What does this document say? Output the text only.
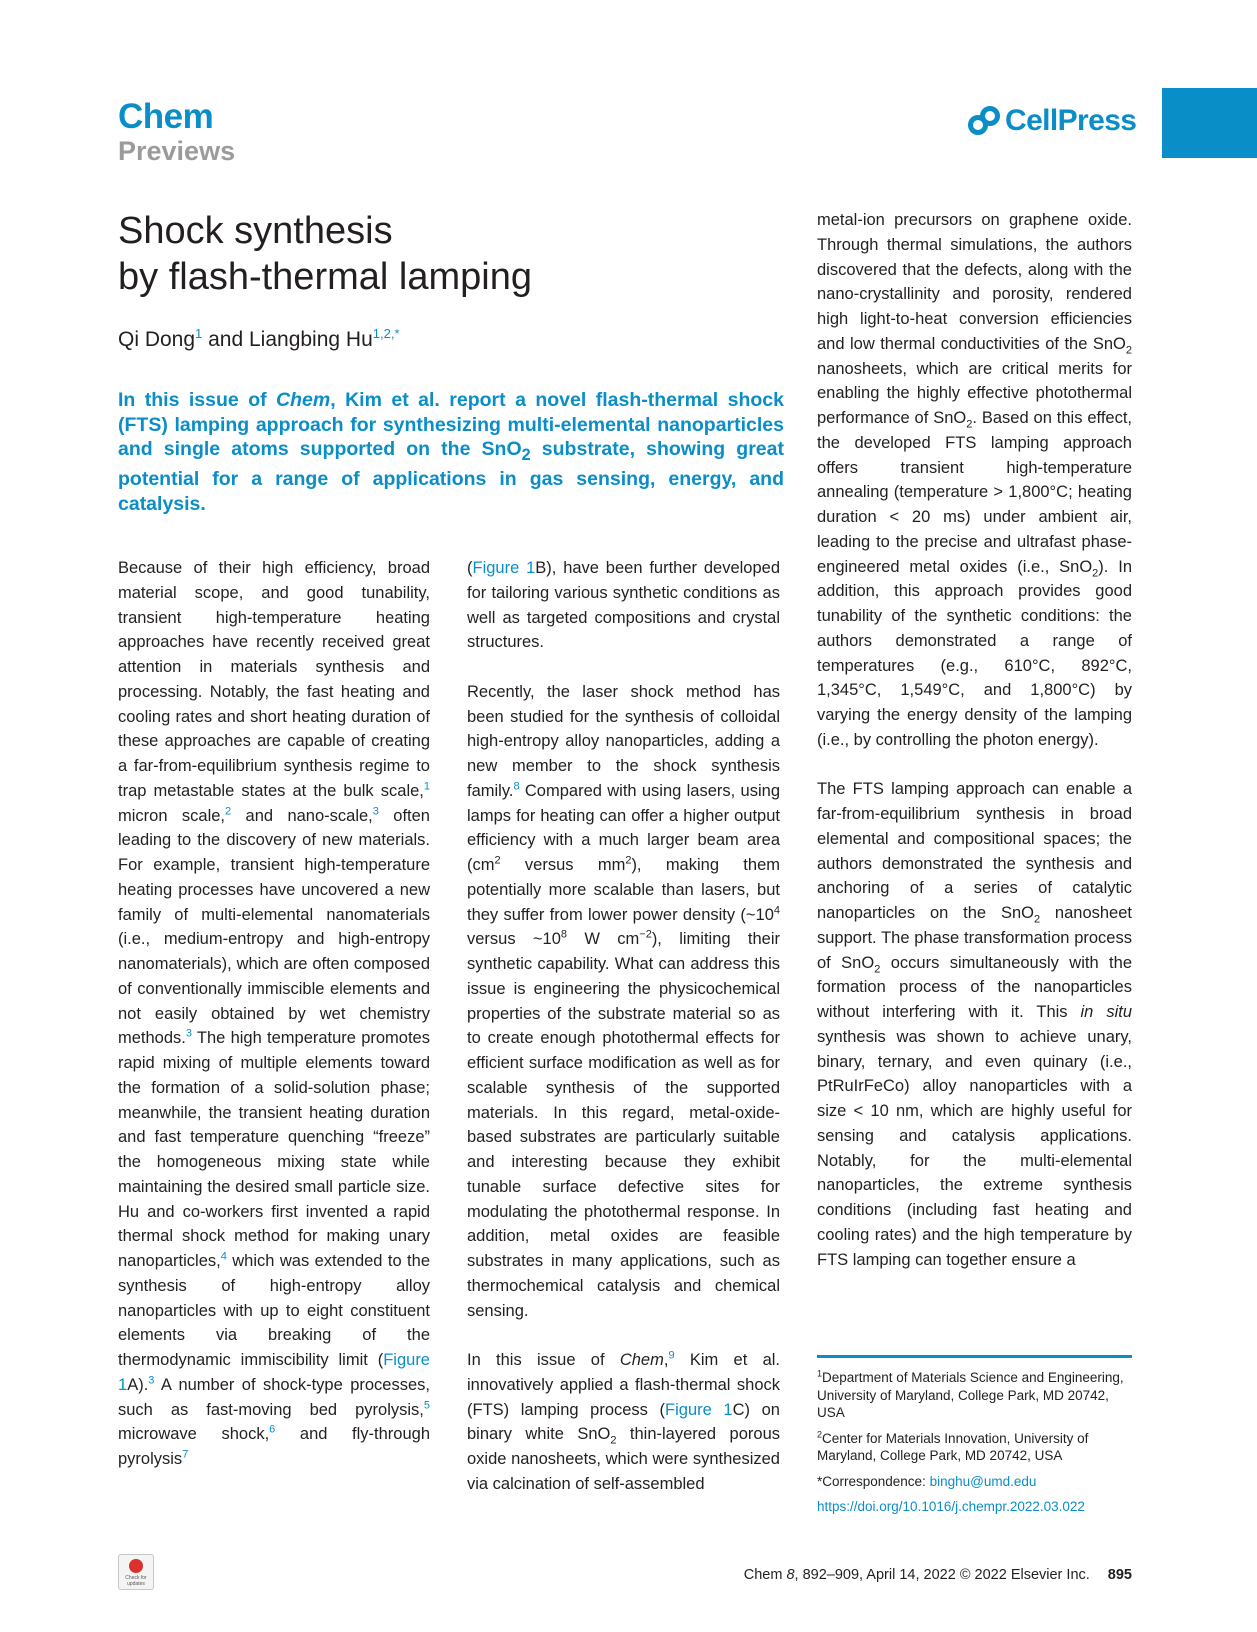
Chem
Previews
CellPress
Shock synthesis
by flash-thermal lamping
Qi Dong$^1$ and Liangbing $Hu^{1,2,*}$

In this issue of Chem, Kim et al. report a novel flash-thermal shock (FTS) lamping approach for synthesizing multi-elemental nanoparticles and single atoms supported on the SnO$_2$ substrate, showing great potential for a range of applications in gas sensing, energy, and catalysis.

Because of their high efficiency, broad material scope, and good tunability, transient high-temperature heating approaches have recently received great attention in materials synthesis and processing. Notably, the fast heating and cooling rates and short heating duration of these approaches are capable of creating a far-from-equilibrium synthesis regime to trap metastable states at the bulk scale,$^1$ micron scale,$^2$ and nano-scale,$^3$ often leading to the discovery of new materials. For example, transient high-temperature heating processes have uncovered a new family of multi-elemental nanomaterials (i.e., medium-entropy and high-entropy nanomaterials), which are often composed of conventionally immiscible elements and not easily obtained by wet chemistry methods.$^3$ The high temperature promotes rapid mixing of multiple elements toward the formation of a solid-solution phase; meanwhile, the transient heating duration and fast temperature quenching “freeze” the homogeneous mixing state while maintaining the desired small particle size. Hu and co-workers first invented a rapid thermal shock method for making unary nanoparticles,$^4$ which was extended to the synthesis of high-entropy alloy nanoparticles with up to eight constituent elements via breaking of the thermodynamic immiscibility limit (Figure 1A).$^3$ A number of shock-type processes, such as fast-moving bed pyrolysis,$^5$ microwave shock,$^6$ and fly-through pyrolysis$^7$

(Figure 1B), have been further developed for tailoring various synthetic conditions as well as targeted compositions and crystal structures.

Recently, the laser shock method has been studied for the synthesis of colloidal high-entropy alloy nanoparticles, adding a new member to the shock synthesis family.$^8$ Compared with using lasers, using lamps for heating can offer a higher output efficiency with a much larger beam area ($cm^2$ versus $mm^2$), making them potentially more scalable than lasers, but they suffer from lower power density ($\sim 10^4$ versus $\sim 10^8$ W $cm^{-2}$), limiting their synthetic capability. What can address this issue is engineering the physicochemical properties of the substrate material so as to create enough photothermal effects for efficient surface modification as well as for scalable synthesis of the supported materials. In this regard, metal-oxide-based substrates are particularly suitable and interesting because they exhibit tunable surface defective sites for modulating the photothermal response. In addition, metal oxides are feasible substrates in many applications, such as thermochemical catalysis and chemical sensing.

In this issue of Chem,$^9$ Kim et al. innovatively applied a flash-thermal shock (FTS) lamping process (Figure 1C) on binary white SnO$_2$ thin-layered porous oxide nanosheets, which were synthesized via calcination of self-assembled

metal-ion precursors on graphene oxide. Through thermal simulations, the authors discovered that the defects, along with the nano-crystallinity and porosity, rendered high light-to-heat conversion efficiencies and low thermal conductivities of the SnO$_2$ nanosheets, which are critical merits for enabling the highly effective photothermal performance of SnO$_2$. Based on this effect, the developed FTS lamping approach offers transient high-temperature annealing (temperature > 1,800°C; heating duration < 20 ms) under ambient air, leading to the precise and ultrafast phase-engineered metal oxides (i.e., SnO$_2$). In addition, this approach provides good tunability of the synthetic conditions: the authors demonstrated a range of temperatures (e.g., 610°C, 892°C, 1,345°C, 1,549°C, and 1,800°C) by varying the energy density of the lamping (i.e., by controlling the photon energy).

The FTS lamping approach can enable a far-from-equilibrium synthesis in broad elemental and compositional spaces; the authors demonstrated the synthesis and anchoring of a series of catalytic nanoparticles on the SnO$_2$ nanosheet support. The phase transformation process of SnO$_2$ occurs simultaneously with the formation process of the nanoparticles without interfering with it. This in situ synthesis was shown to achieve unary, binary, ternary, and even quinary (i.e., PtRuIrFeCo) alloy nanoparticles with a size < 10 nm, which are highly useful for sensing and catalysis applications. Notably, for the multi-elemental nanoparticles, the extreme synthesis conditions (including fast heating and cooling rates) and the high temperature by FTS lamping can together ensure a

$^1$Department of Materials Science and Engineering, University of Maryland, College Park, MD 20742, USA

$^2$Center for Materials Innovation, University of Maryland, College Park, MD 20742, USA

*Correspondence: binghu@umd.edu

https://doi.org/10.1016/j.chempr.2022.03.022

Check for updates
Chem 8, 892–909, April 14, 2022 © 2022 Elsevier Inc. 895
